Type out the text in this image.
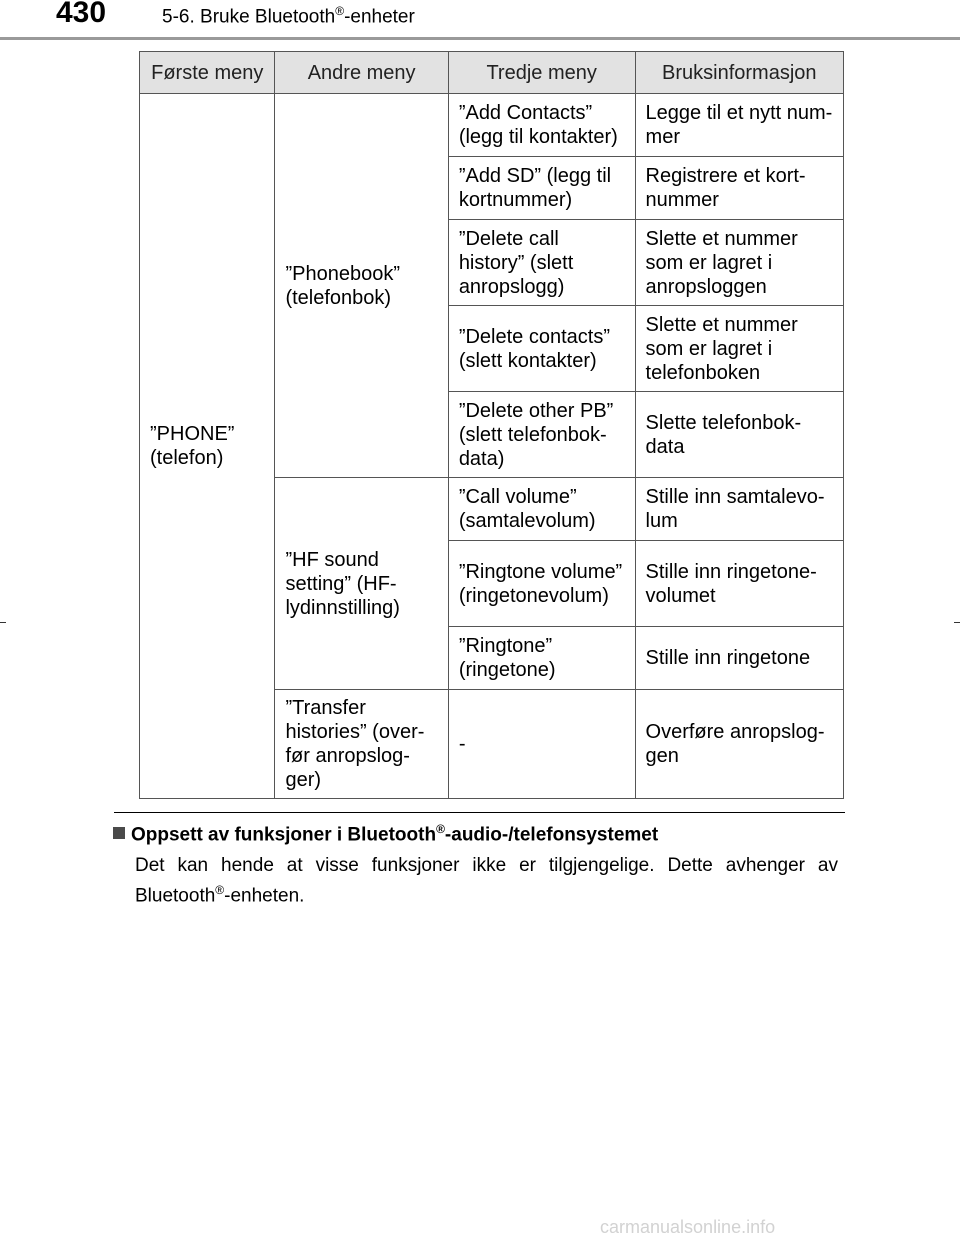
430	5-6. Bruke Bluetooth®-enheter
Første meny	Andre meny	Tredje meny	Bruksinformasjon
”PHONE” (telefon)	”Phonebook” (telefonbok)	”Add Contacts” (legg til kontakter)	Legge til et nytt num- mer
		”Add SD” (legg til kortnummer)	Registrere et kort- nummer
		”Delete call history” (slett anropslogg)	Slette et nummer som er lagret i anropsloggen
		”Delete contacts” (slett kontakter)	Slette et nummer som er lagret i telefonboken
		”Delete other PB” (slett telefonbok- data)	Slette telefonbok- data
	”HF sound setting” (HF- lydinnstilling)	”Call volume” (samtalevolum)	Stille inn samtalevo- lum
		”Ringtone volume” (ringetonevolum)	Stille inn ringetone- volumet
		”Ringtone” (ringetone)	Stille inn ringetone
	”Transfer histories” (over- før anropslog- ger)	-	Overføre anropslog- gen
Oppsett av funksjoner i Bluetooth®-audio-/telefonsystemet
Det kan hende at visse funksjoner ikke er tilgjengelige. Dette avhenger av Bluetooth®-enheten.
carmanualsonline.info
